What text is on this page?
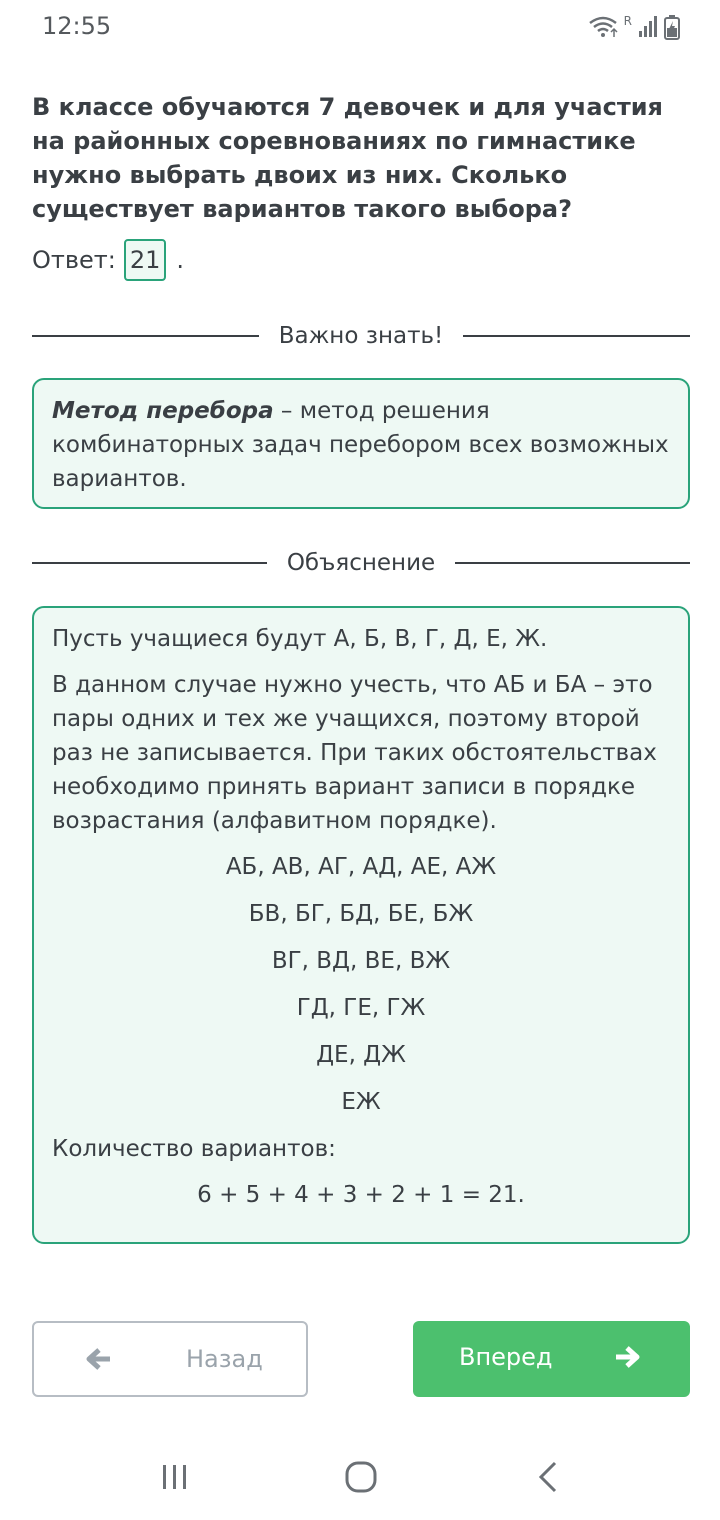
12:55	R
В классе обучаются 7 девочек и для участия на районных соревнованиях по гимнастике нужно выбрать двоих из них. Сколько существует вариантов такого выбора?
Ответ: 21 .
Важно знать!
Метод перебора – метод решения комбинаторных задач перебором всех возможных вариантов.
Объяснение

Пусть учащиеся будут А, Б, В, Г, Д, Е, Ж.

В данном случае нужно учесть, что АБ и БА – это пары одних и тех же учащихся, поэтому второй раз не записывается. При таких обстоятельствах необходимо принять вариант записи в порядке возрастания (алфавитном порядке).

АБ, АВ, АГ, АД, АЕ, АЖ
БВ, БГ, БД, БЕ, БЖ
ВГ, ВД, ВЕ, ВЖ
ГД, ГЕ, ГЖ
ДЕ, ДЖ
ЕЖ

Количество вариантов:

6 + 5 + 4 + 3 + 2 + 1 = 21.
Назад	Вперед
